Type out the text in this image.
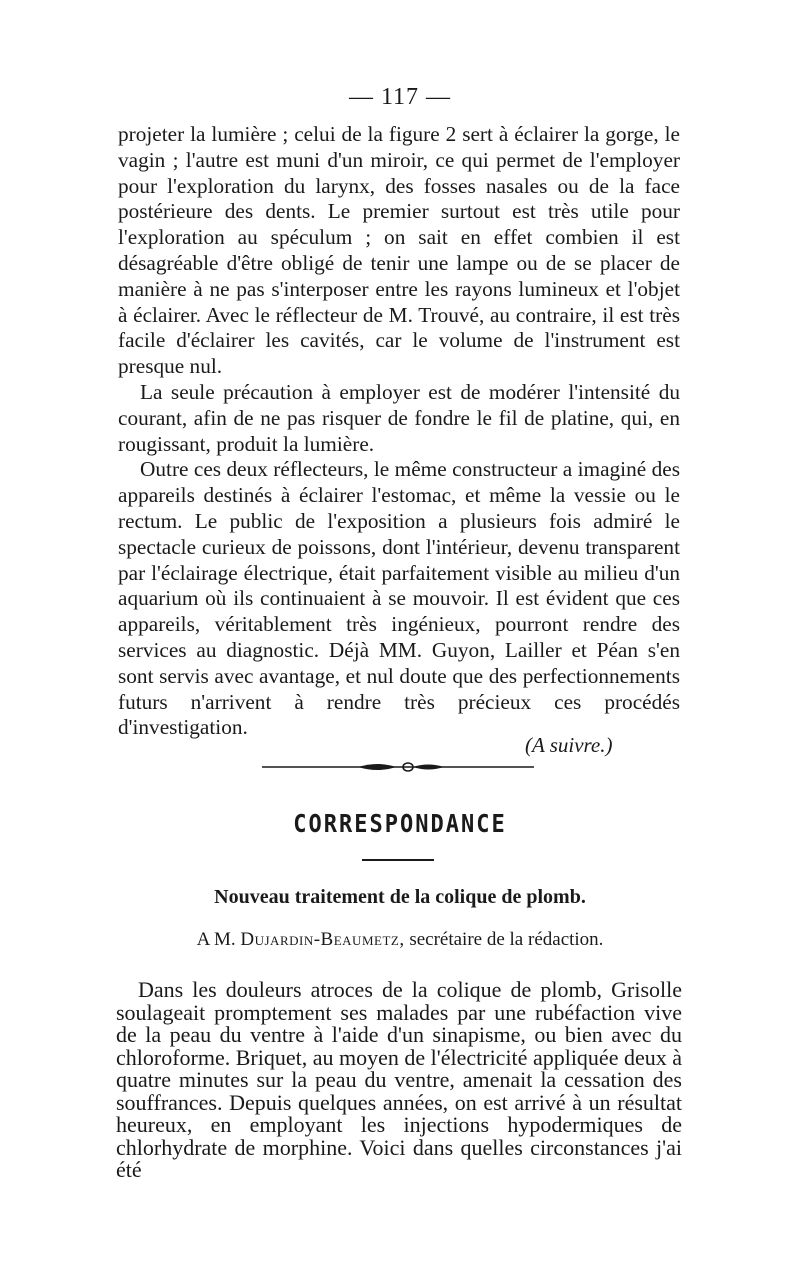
— 117 —

projeter la lumière ; celui de la figure 2 sert à éclairer la gorge, le vagin ; l'autre est muni d'un miroir, ce qui permet de l'employer pour l'exploration du larynx, des fosses nasales ou de la face postérieure des dents. Le premier surtout est très utile pour l'exploration au spéculum ; on sait en effet combien il est désagréable d'être obligé de tenir une lampe ou de se placer de manière à ne pas s'interposer entre les rayons lumineux et l'objet à éclairer. Avec le réflecteur de M. Trouvé, au contraire, il est très facile d'éclairer les cavités, car le volume de l'instrument est presque nul.

La seule précaution à employer est de modérer l'intensité du courant, afin de ne pas risquer de fondre le fil de platine, qui, en rougissant, produit la lumière.

Outre ces deux réflecteurs, le même constructeur a imaginé des appareils destinés à éclairer l'estomac, et même la vessie ou le rectum. Le public de l'exposition a plusieurs fois admiré le spectacle curieux de poissons, dont l'intérieur, devenu transparent par l'éclairage électrique, était parfaitement visible au milieu d'un aquarium où ils continuaient à se mouvoir. Il est évident que ces appareils, véritablement très ingénieux, pourront rendre des services au diagnostic. Déjà MM. Guyon, Lailler et Péan s'en sont servis avec avantage, et nul doute que des perfectionnements futurs n'arrivent à rendre très précieux ces procédés d'investigation.

(A suivre.)
CORRESPONDANCE
Nouveau traitement de la colique de plomb.
A M. Dujardin-Beaumetz, secrétaire de la rédaction.

Dans les douleurs atroces de la colique de plomb, Grisolle soulageait promptement ses malades par une rubéfaction vive de la peau du ventre à l'aide d'un sinapisme, ou bien avec du chloroforme. Briquet, au moyen de l'électricité appliquée deux à quatre minutes sur la peau du ventre, amenait la cessation des souffrances. Depuis quelques années, on est arrivé à un résultat heureux, en employant les injections hypodermiques de chlorhydrate de morphine. Voici dans quelles circonstances j'ai été
